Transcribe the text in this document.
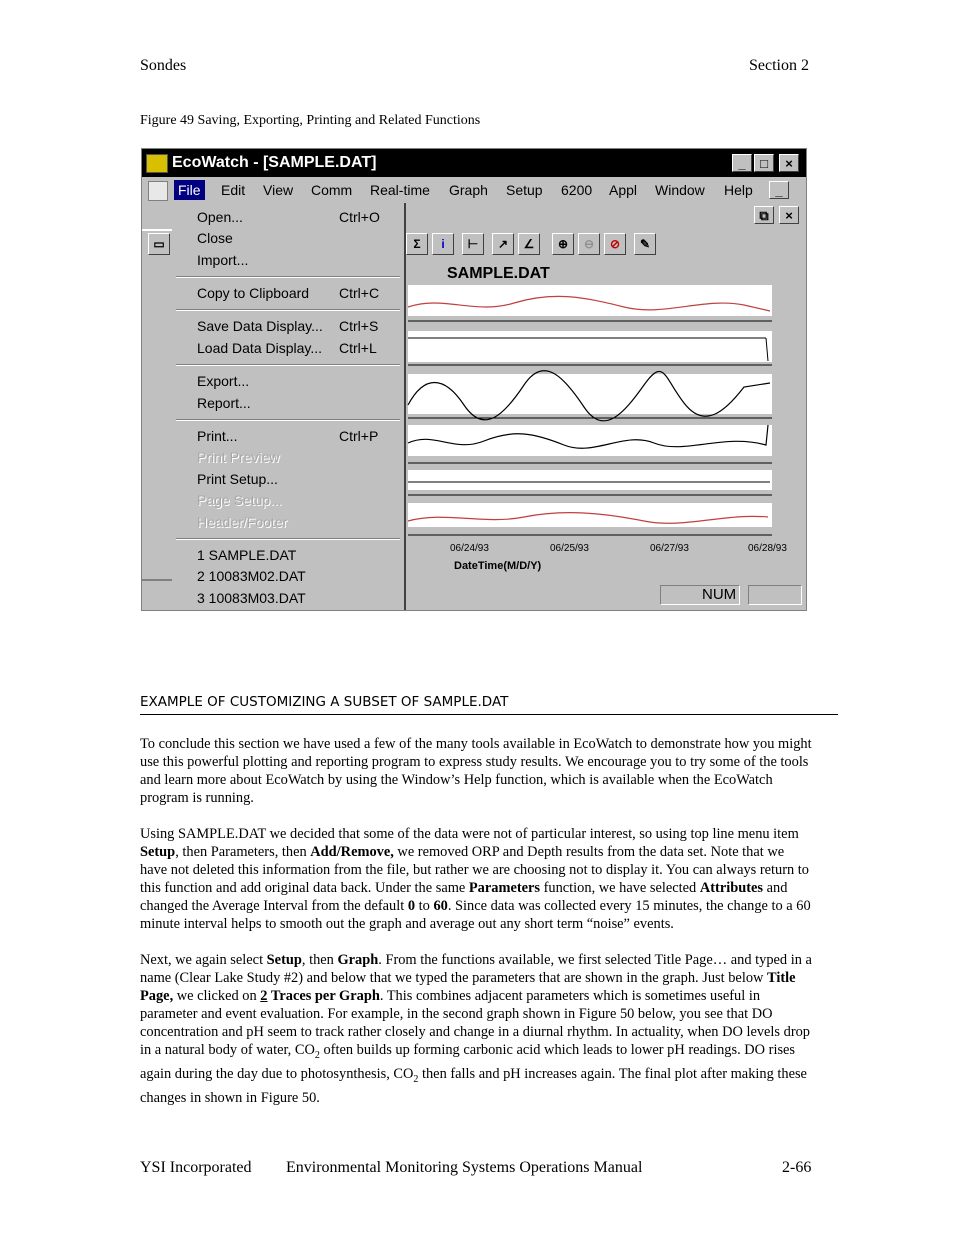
Sondes	Section 2
Figure 49 Saving, Exporting, Printing and Related Functions
EcoWatch - [SAMPLE.DAT]	_	□	×
File Edit View Comm Real-time Graph Setup 6200 Appl Window Help	_
⧉	×
▭	Σ	i	⊢	↗	∠	⊕	⊖	⊘	✎
SAMPLE.DAT
06/24/93	06/25/93	06/27/93	06/28/93
DateTime(M/D/Y)
NUM
Open...	Ctrl+O
Close
Import...
Copy to Clipboard Ctrl+C
Save Data Display... Ctrl+S
Load Data Display... Ctrl+L
Export...
Report...
Print...	Ctrl+P
Print Preview
Print Setup...
Page Setup...
Header/Footer
1 SAMPLE.DAT
2 10083M02.DAT
3 10083M03.DAT
EXAMPLE OF CUSTOMIZING A SUBSET OF SAMPLE.DAT

To conclude this section we have used a few of the many tools available in EcoWatch to demonstrate how you might use this powerful plotting and reporting program to express study results. We encourage you to try some of the tools and learn more about EcoWatch by using the Window’s Help function, which is available when the EcoWatch program is running.

Using SAMPLE.DAT we decided that some of the data were not of particular interest, so using top line menu item Setup, then Parameters, then Add/Remove, we removed ORP and Depth results from the data set. Note that we have not deleted this information from the file, but rather we are choosing not to display it. You can always return to this function and add original data back. Under the same Parameters function, we have selected Attributes and changed the Average Interval from the default 0 to 60. Since data was collected every 15 minutes, the change to a 60 minute interval helps to smooth out the graph and average out any short term “noise” events.

Next, we again select Setup, then Graph. From the functions available, we first selected Title Page… and typed in a name (Clear Lake Study #2) and below that we typed the parameters that are shown in the graph. Just below Title Page, we clicked on 2 Traces per Graph. This combines adjacent parameters which is sometimes useful in parameter and event evaluation. For example, in the second graph shown in Figure 50 below, you see that DO concentration and pH seem to track rather closely and change in a diurnal rhythm. In actuality, when DO levels drop in a natural body of water, $CO_2$ often builds up forming carbonic acid which leads to lower pH readings. DO rises again during the day due to photosynthesis, $CO_2$ then falls and pH increases again. The final plot after making these changes in shown in Figure 50.

YSI Incorporated Environmental Monitoring Systems Operations Manual	2-66
